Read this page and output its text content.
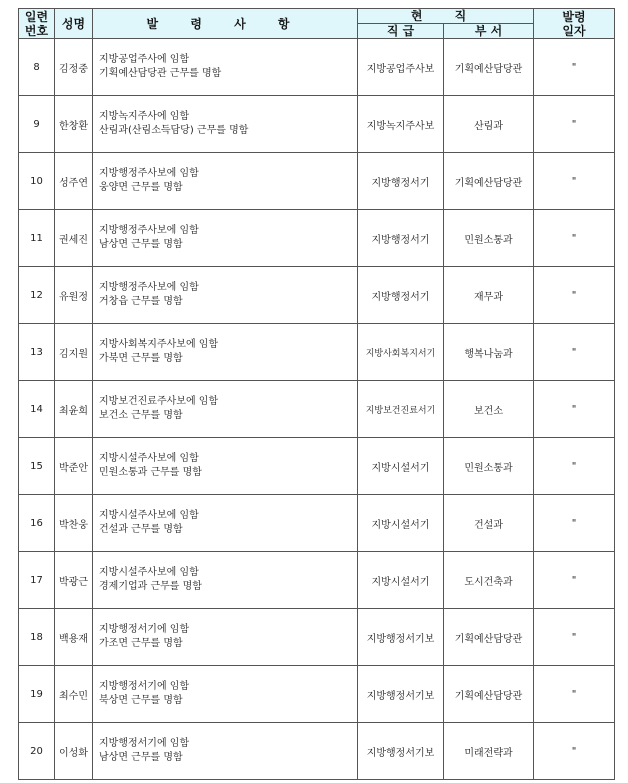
일련
번호	성명	발 령 사 항	현 직		발령
일자

			직 급	부 서	
8	김정중	지방공업주사에 임함
기획예산담당관 근무를 명함	지방공업주사보	기획예산담당관	"
9	한창환	지방녹지주사에 임함
산림과(산림소득담당) 근무를 명함	지방녹지주사보	산림과	"
10	성주연	지방행정주사보에 임함
웅양면 근무를 명함	지방행정서기	기획예산담당관	"
11	권세진	지방행정주사보에 임함
남상면 근무를 명함	지방행정서기	민원소통과	"
12	유원정	지방행정주사보에 임함
거창읍 근무를 명함	지방행정서기	재무과	"
13	김지원	지방사회복지주사보에 임함
가북면 근무를 명함	지방사회복지서기	행복나눔과	"
14	최윤희	지방보건진료주사보에 임함
보건소 근무를 명함	지방보건진료서기	보건소	"
15	박준안	지방시설주사보에 임함
민원소통과 근무를 명함	지방시설서기	민원소통과	"
16	박찬웅	지방시설주사보에 임함
건설과 근무를 명함	지방시설서기	건설과	"
17	박광근	지방시설주사보에 임함
경제기업과 근무를 명함	지방시설서기	도시건축과	"
18	백용재	지방행정서기에 임함
가조면 근무를 명함	지방행정서기보	기획예산담당관	"
19	최수민	지방행정서기에 임함
북상면 근무를 명함	지방행정서기보	기획예산담당관	"
20	이성화	지방행정서기에 임함
남상면 근무를 명함	지방행정서기보	미래전략과	"
